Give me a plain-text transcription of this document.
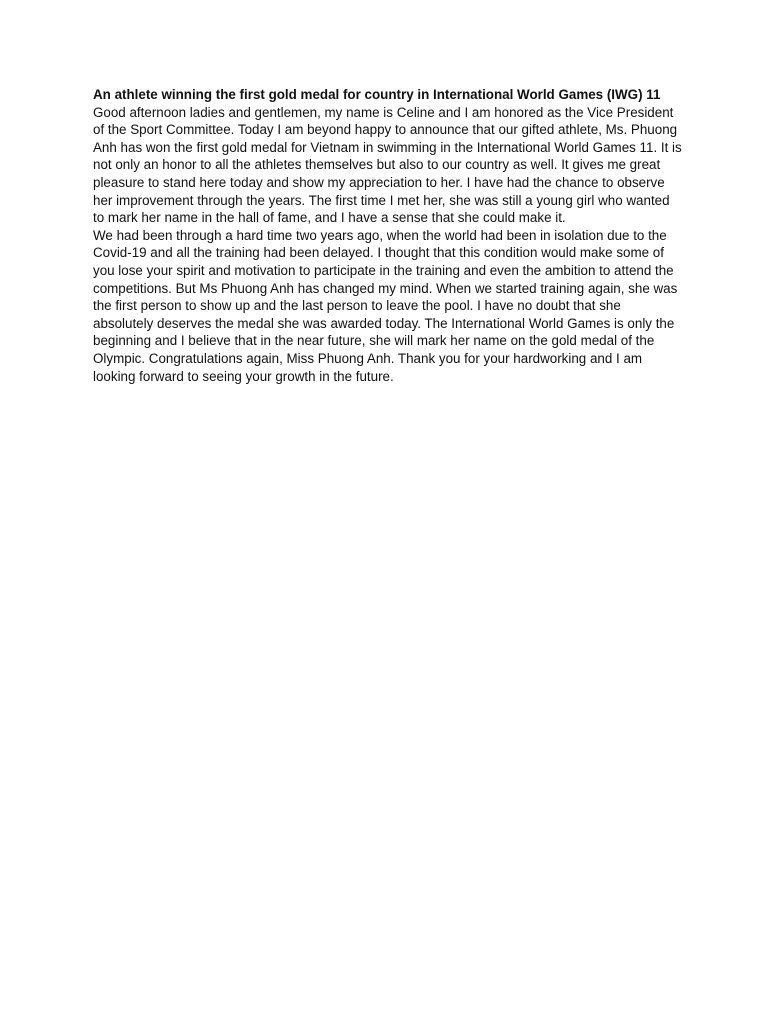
An athlete winning the first gold medal for country in International World Games (IWG) 11

Good afternoon ladies and gentlemen, my name is Celine and I am honored as the Vice President of the Sport Committee. Today I am beyond happy to announce that our gifted athlete, Ms. Phuong Anh has won the first gold medal for Vietnam in swimming in the International World Games 11. It is not only an honor to all the athletes themselves but also to our country as well. It gives me great pleasure to stand here today and show my appreciation to her. I have had the chance to observe her improvement through the years. The first time I met her, she was still a young girl who wanted to mark her name in the hall of fame, and I have a sense that she could make it.

We had been through a hard time two years ago, when the world had been in isolation due to the Covid-19 and all the training had been delayed. I thought that this condition would make some of you lose your spirit and motivation to participate in the training and even the ambition to attend the competitions. But Ms Phuong Anh has changed my mind. When we started training again, she was the first person to show up and the last person to leave the pool. I have no doubt that she absolutely deserves the medal she was awarded today. The International World Games is only the beginning and I believe that in the near future, she will mark her name on the gold medal of the Olympic. Congratulations again, Miss Phuong Anh. Thank you for your hardworking and I am looking forward to seeing your growth in the future.
